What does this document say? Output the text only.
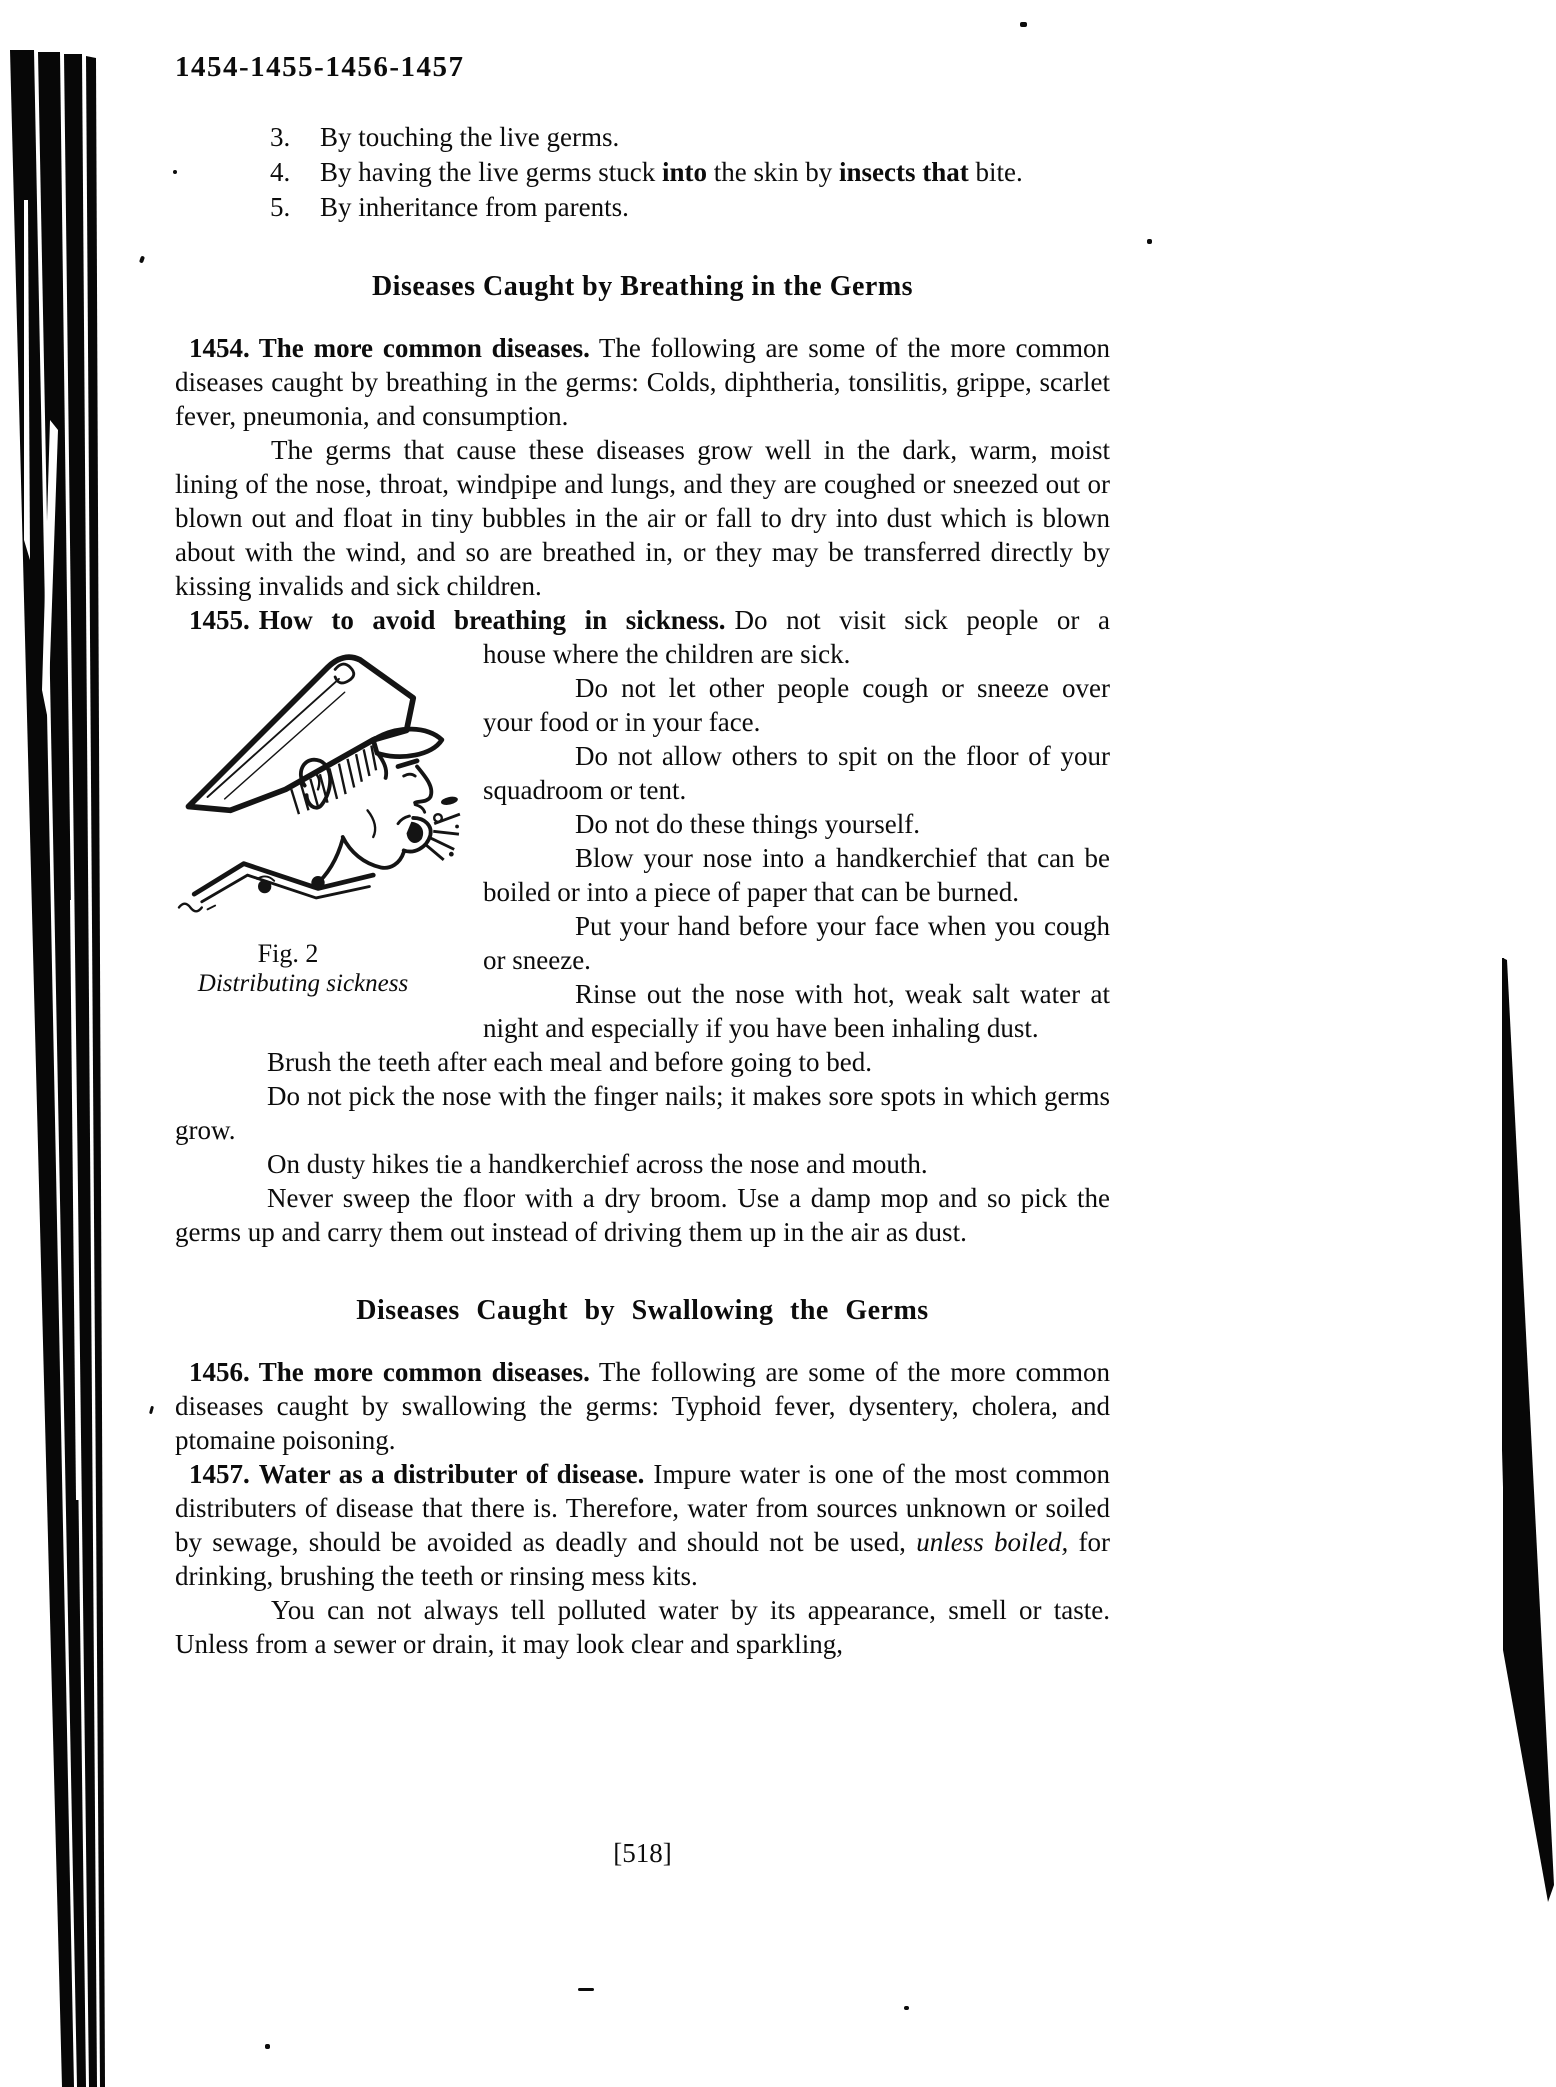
1454-1455-1456-1457
3. By touching the live germs.
4. By having the live germs stuck into the skin by insects that bite.
5. By inheritance from parents.
Diseases Caught by Breathing in the Germs

1454. The more common diseases. The following are some of the more common diseases caught by breathing in the germs: Colds, diphtheria, tonsilitis, grippe, scarlet fever, pneumonia, and consumption.

The germs that cause these diseases grow well in the dark, warm, moist lining of the nose, throat, windpipe and lungs, and they are coughed or sneezed out or blown out and float in tiny bubbles in the air or fall to dry into dust which is blown about with the wind, and so are breathed in, or they may be transferred directly by kissing invalids and sick children.

1455. How to avoid breathing in sickness. Do not visit sick people or a

Fig. 2
Distributing sickness

house where the children are sick.

Do not let other people cough or sneeze over your food or in your face.

Do not allow others to spit on the floor of your squadroom or tent.

Do not do these things yourself.

Blow your nose into a handkerchief that can be boiled or into a piece of paper that can be burned.

Put your hand before your face when you cough or sneeze.

Rinse out the nose with hot, weak salt water at night and especially if you have been inhaling dust.

Brush the teeth after each meal and before going to bed.

Do not pick the nose with the finger nails; it makes sore spots in which germs grow.

On dusty hikes tie a handkerchief across the nose and mouth.

Never sweep the floor with a dry broom. Use a damp mop and so pick the germs up and carry them out instead of driving them up in the air as dust.

Diseases Caught by Swallowing the Germs

1456. The more common diseases. The following are some of the more common diseases caught by swallowing the germs: Typhoid fever, dysentery, cholera, and ptomaine poisoning.

1457. Water as a distributer of disease. Impure water is one of the most common distributers of disease that there is. Therefore, water from sources unknown or soiled by sewage, should be avoided as deadly and should not be used, unless boiled, for drinking, brushing the teeth or rinsing mess kits.

You can not always tell polluted water by its appearance, smell or taste. Unless from a sewer or drain, it may look clear and sparkling,

[518]
